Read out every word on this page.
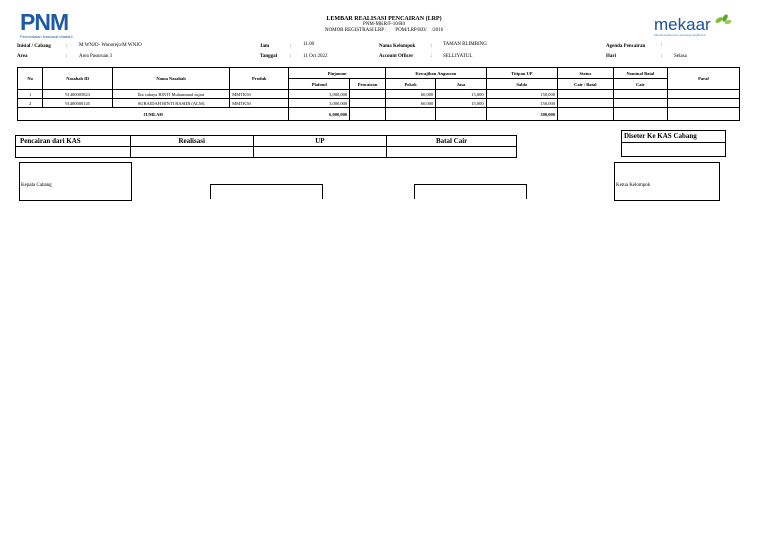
PNM
Permodalan Nasional Madani
mekaar
Membina Ekonomi Keluarga Sejahtera
LEMBAR REALISASI PENCAIRAN (LRP)
PNM-MKR/F-10/R0
NOMOR REGISTRASI LRP : POM/LRP/HO/ /2016
Inisial / Cabang	: M WNJO- Wonorejo/M WNJO
Area	: Area Pasuruan 3
Jam	: 11.00
Tanggal	: 11 Oct 2022
Nama Kelompok	: TAMAN BLIMBING
Account Officer	: SELLIYATUL
Agenda Pencairan	:
Hari	: Selasa
No	Nasabah ID	Nama Nasabah	Produk	Pinjaman		Kewajiban Angsuran		Titipan UP	Status	Nominal Batal	Paraf
				Plafond	Pencairan	Pokok	Jasa	Saldo	Cair / Batal	Cair	
1	91400005823	Ika cahaya BINTI Muhammad sujari	MMTK50	3,000,000		60,000	15,000	150,000			
2	91400000145	SUBAIDAH BINTI RASIDI (ALM)	MMTK50	3,000,000		60,000	15,000	150,000			
JUMLAH				6,000,000				300,000			
Pencairan dari KAS	Realisasi	UP	Batal Cair

Diseter Ke KAS Cabang
Kepala Cabang	Ketua Kelompok
